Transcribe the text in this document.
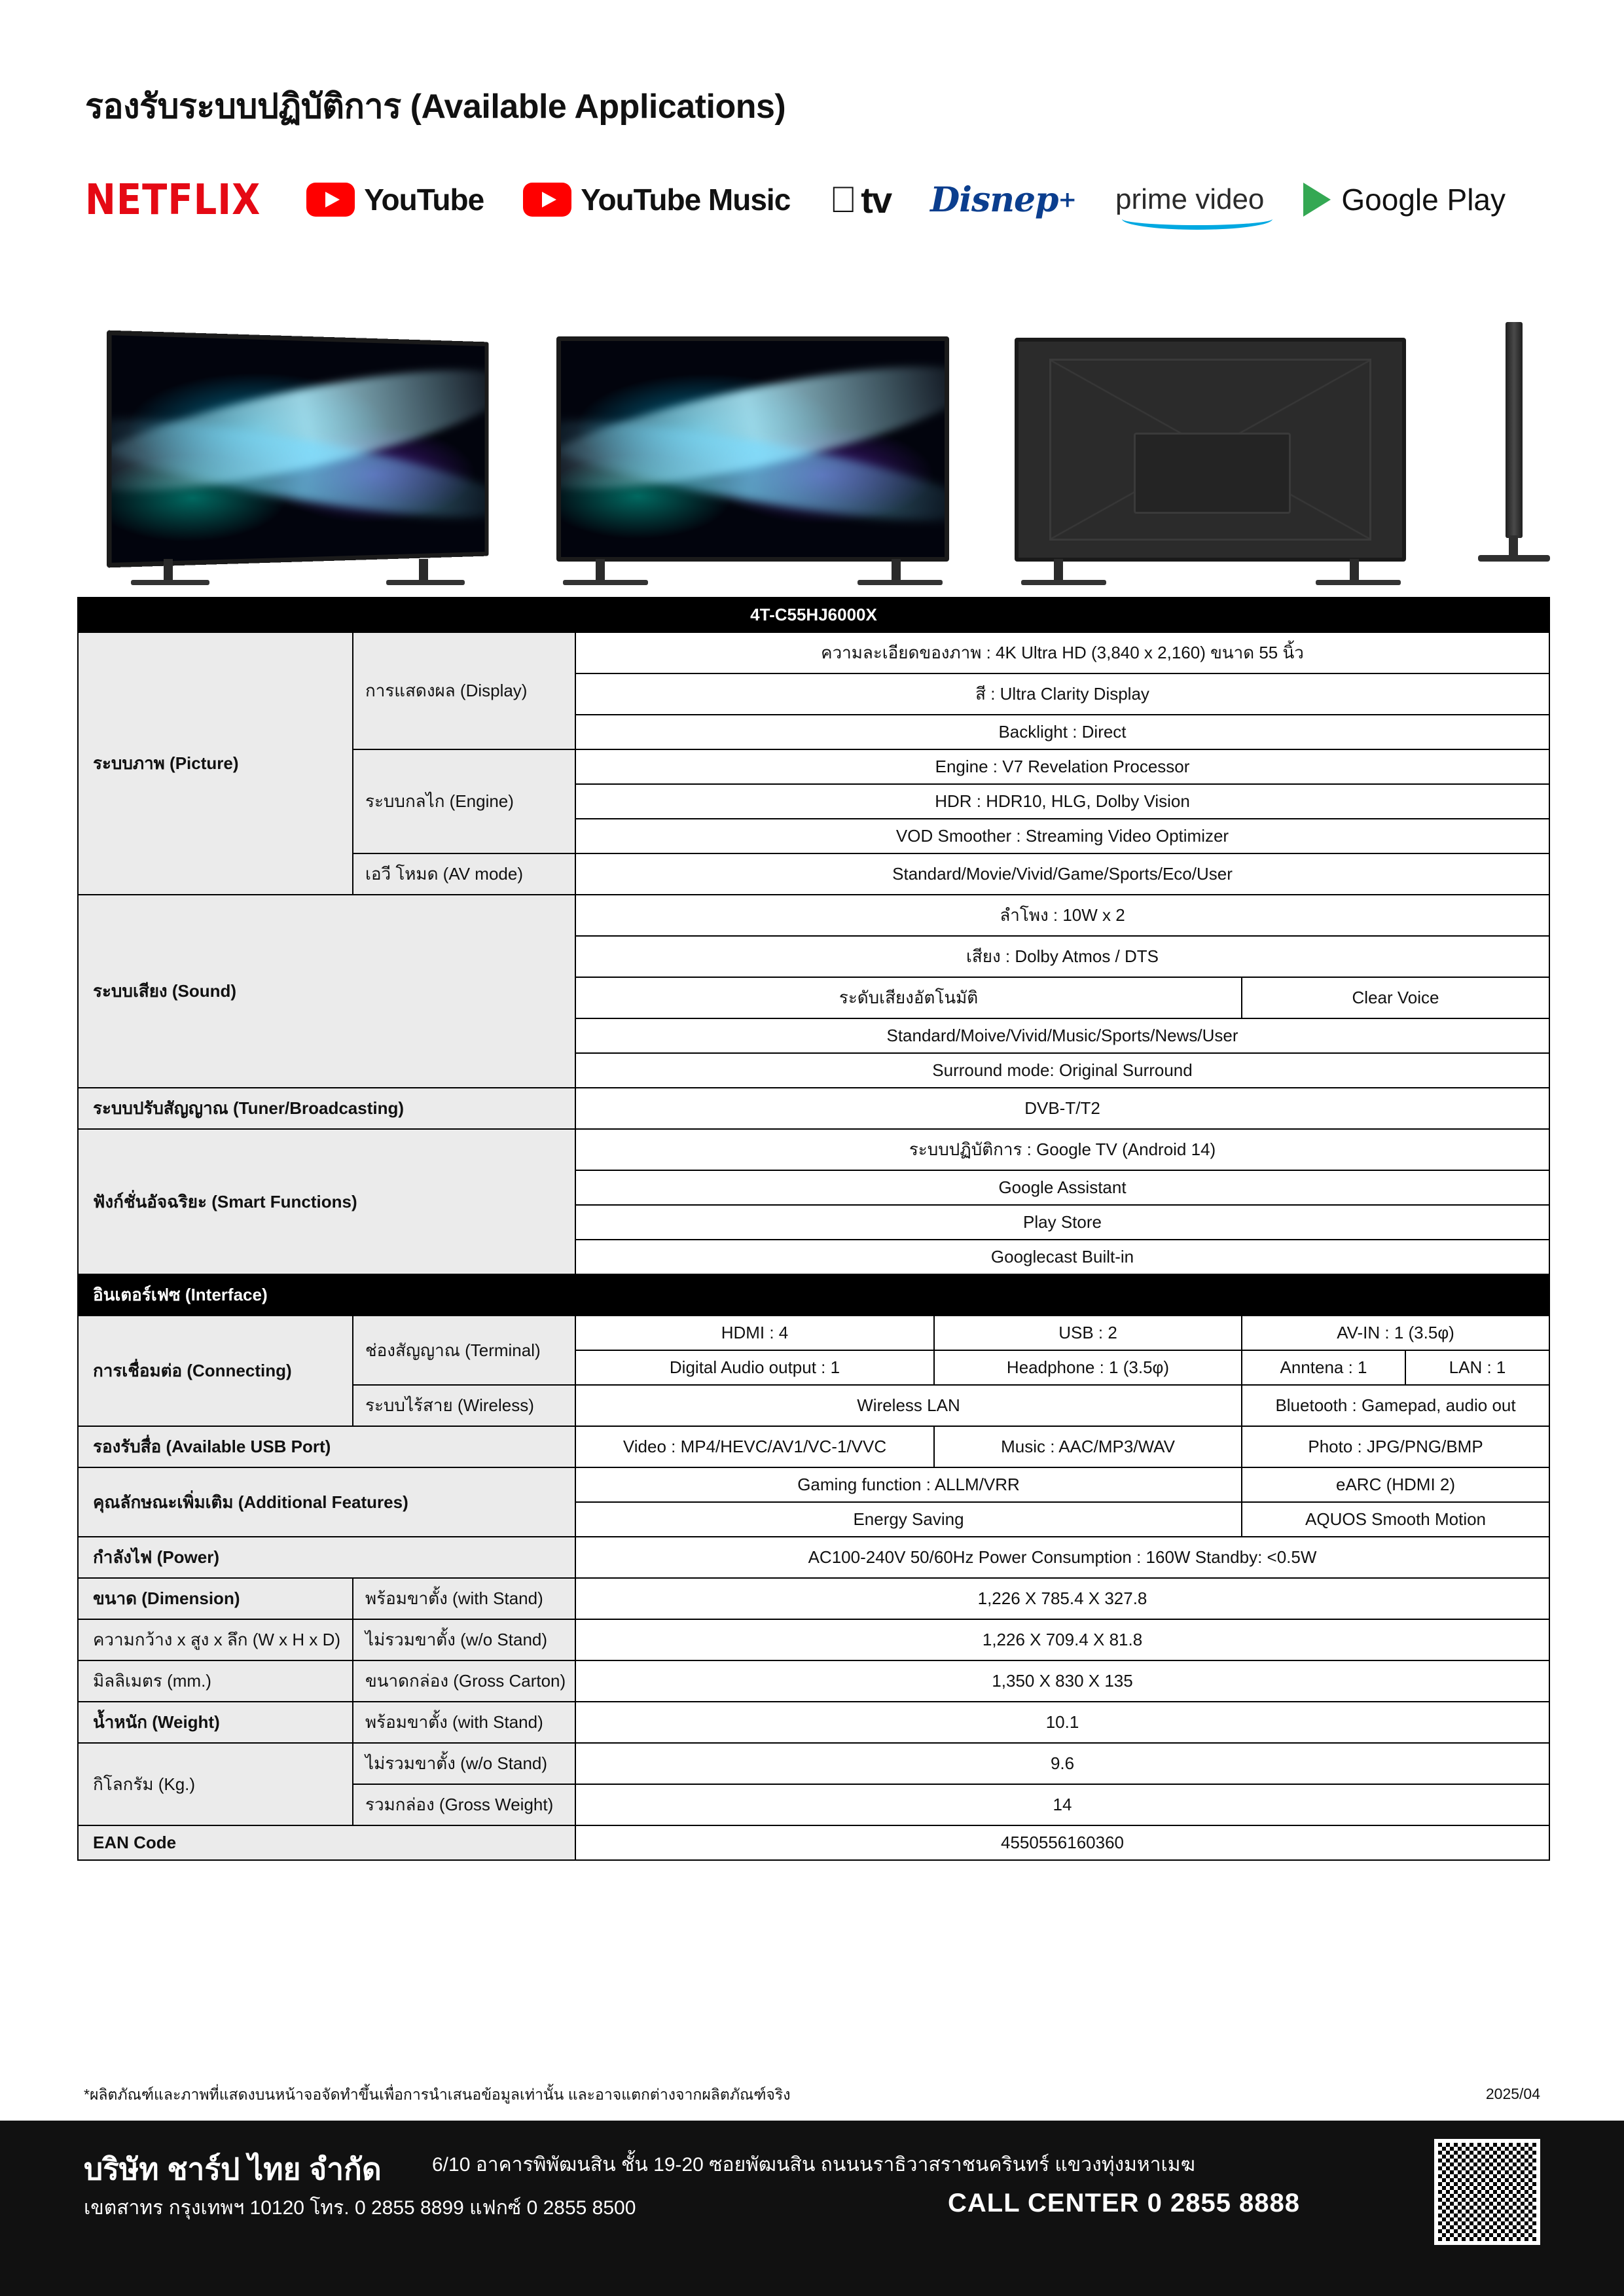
รองรับระบบปฏิบัติการ (Available Applications)
NETFLIX	YouTube	YouTube Music tv Disnep + prime video	Google Play
4T-C55HJ6000X					
ระบบภาพ (Picture)	การแสดงผล (Display)	ความละเอียดของภาพ : 4K Ultra HD (3,840 x 2,160) ขนาด 55 นิ้ว			
		สี : Ultra Clarity Display			
		Backlight : Direct			
	ระบบกลไก (Engine)	Engine : V7 Revelation Processor			
		HDR : HDR10, HLG, Dolby Vision			
		VOD Smoother : Streaming Video Optimizer			
	เอวี โหมด (AV mode)	Standard/Movie/Vivid/Game/Sports/Eco/User			
ระบบเสียง (Sound)		ลำโพง : 10W x 2			
		เสียง : Dolby Atmos / DTS			
		ระดับเสียงอัตโนมัติ		Clear Voice	
		Standard/Moive/Vivid/Music/Sports/News/User			
		Surround mode: Original Surround			
ระบบปรับสัญญาณ (Tuner/Broadcasting)		DVB-T/T2			
ฟังก์ชั่นอัจฉริยะ (Smart Functions)		ระบบปฏิบัติการ : Google TV (Android 14)			
		Google Assistant			
		Play Store			
		Googlecast Built-in			
อินเตอร์เฟซ (Interface)					
การเชื่อมต่อ (Connecting)	ช่องสัญญาณ (Terminal)	HDMI : 4	USB : 2	AV-IN : 1 (3.5φ)	
		Digital Audio output : 1	Headphone : 1 (3.5φ)	Anntena : 1	LAN : 1
	ระบบไร้สาย (Wireless)	Wireless LAN		Bluetooth : Gamepad, audio out	
รองรับสื่อ (Available USB Port)		Video : MP4/HEVC/AV1/VC-1/VVC	Music : AAC/MP3/WAV	Photo : JPG/PNG/BMP	
คุณลักษณะเพิ่มเติม (Additional Features)		Gaming function : ALLM/VRR		eARC (HDMI 2)	
		Energy Saving		AQUOS Smooth Motion	
กำลังไฟ (Power)		AC100-240V 50/60Hz Power Consumption : 160W Standby: <0.5W			
ขนาด (Dimension)	พร้อมขาตั้ง (with Stand)	1,226 X 785.4 X 327.8			
ความกว้าง x สูง x ลึก (W x H x D)	ไม่รวมขาตั้ง (w/o Stand)	1,226 X 709.4 X 81.8			
มิลลิเมตร (mm.)	ขนาดกล่อง (Gross Carton)	1,350 X 830 X 135			
น้ำหนัก (Weight)	พร้อมขาตั้ง (with Stand)	10.1			
กิโลกรัม (Kg.)	ไม่รวมขาตั้ง (w/o Stand)	9.6			
	รวมกล่อง (Gross Weight)	14			
EAN Code		4550556160360			
*ผลิตภัณฑ์และภาพที่แสดงบนหน้าจอจัดทำขึ้นเพื่อการนำเสนอข้อมูลเท่านั้น และอาจแตกต่างจากผลิตภัณฑ์จริง	2025/04
บริษัท ชาร์ป ไทย จำกัด	6/10 อาคารพิพัฒนสิน ชั้น 19-20 ซอยพัฒนสิน ถนนนราธิวาสราชนครินทร์ แขวงทุ่งมหาเมฆ
เขตสาทร กรุงเทพฯ 10120 โทร. 0 2855 8899 แฟกซ์ 0 2855 8500	CALL CENTER 0 2855 8888
